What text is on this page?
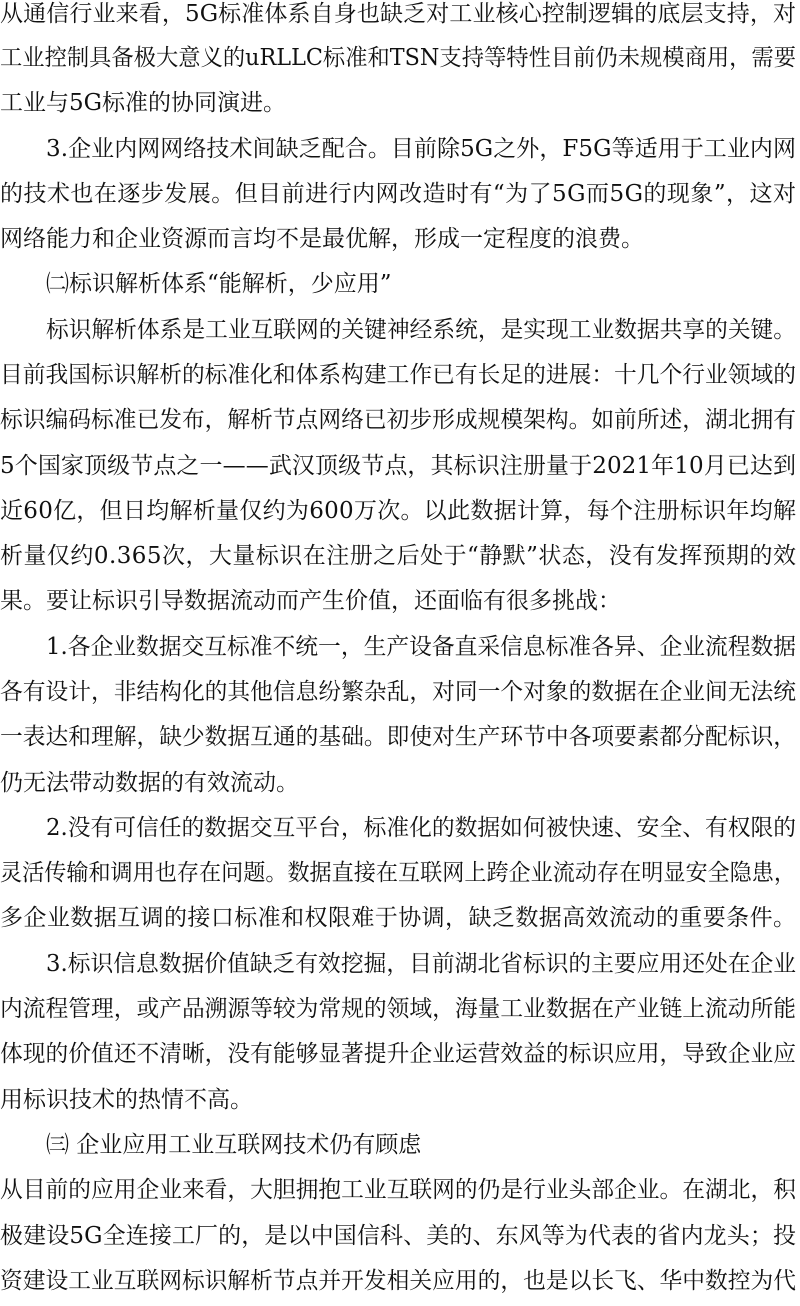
从通信行业来看，5G标准体系自身也缺乏对工业核心控制逻辑的底层支持，对
工业控制具备极大意义的uRLLC标准和TSN支持等特性目前仍未规模商用，需要
工业与5G标准的协同演进。
3.企业内网网络技术间缺乏配合。目前除5G之外，F5G等适用于工业内网
的技术也在逐步发展。但目前进行内网改造时有“为了5G而5G的现象”，这对
网络能力和企业资源而言均不是最优解，形成一定程度的浪费。
㈡标识解析体系“能解析，少应用”
标识解析体系是工业互联网的关键神经系统，是实现工业数据共享的关键。
目前我国标识解析的标准化和体系构建工作已有长足的进展：十几个行业领域的
标识编码标准已发布，解析节点网络已初步形成规模架构。如前所述，湖北拥有
5个国家顶级节点之一——武汉顶级节点，其标识注册量于2021年10月已达到
近60亿，但日均解析量仅约为600万次。以此数据计算，每个注册标识年均解
析量仅约0.365次，大量标识在注册之后处于“静默”状态，没有发挥预期的效
果。要让标识引导数据流动而产生价值，还面临有很多挑战：
1.各企业数据交互标准不统一，生产设备直采信息标准各异、企业流程数据
各有设计，非结构化的其他信息纷繁杂乱，对同一个对象的数据在企业间无法统
一表达和理解，缺少数据互通的基础。即使对生产环节中各项要素都分配标识，
仍无法带动数据的有效流动。
2.没有可信任的数据交互平台，标准化的数据如何被快速、安全、有权限的
灵活传输和调用也存在问题。数据直接在互联网上跨企业流动存在明显安全隐患，
多企业数据互调的接口标准和权限难于协调，缺乏数据高效流动的重要条件。
3.标识信息数据价值缺乏有效挖掘，目前湖北省标识的主要应用还处在企业
内流程管理，或产品溯源等较为常规的领域，海量工业数据在产业链上流动所能
体现的价值还不清晰，没有能够显著提升企业运营效益的标识应用，导致企业应
用标识技术的热情不高。
㈢ 企业应用工业互联网技术仍有顾虑
从目前的应用企业来看，大胆拥抱工业互联网的仍是行业头部企业。在湖北，积
极建设5G全连接工厂的，是以中国信科、美的、东风等为代表的省内龙头；投
资建设工业互联网标识解析节点并开发相关应用的，也是以长飞、华中数控为代
